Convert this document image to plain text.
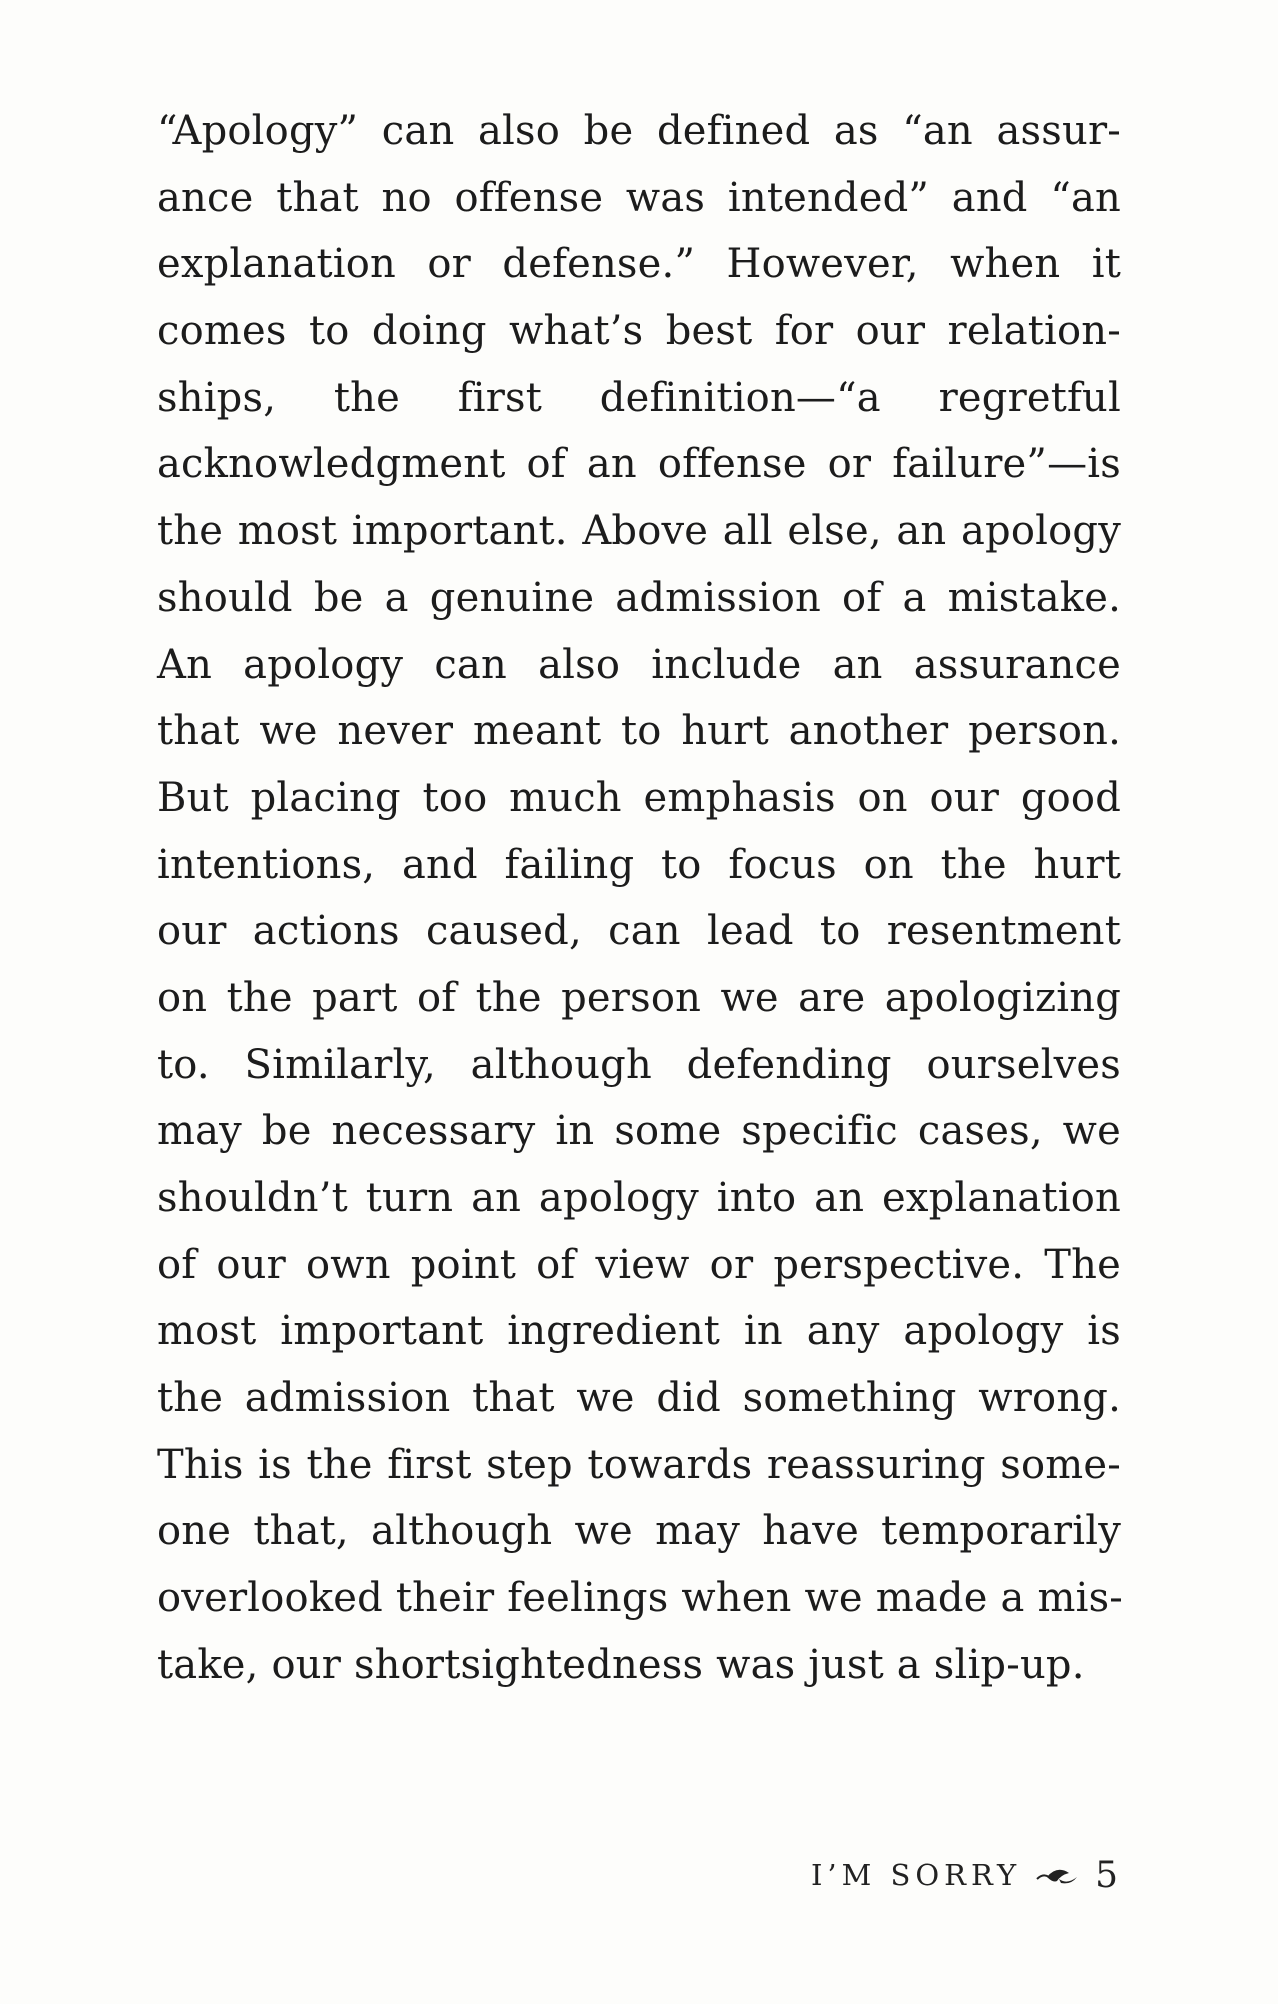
“Apology” can also be defined as “an assur-
ance that no offense was intended” and “an
explanation or defense.” However, when it
comes to doing what’s best for our relation-
ships, the first definition—“a regretful
acknowledgment of an offense or failure”—is
the most important. Above all else, an apology
should be a genuine admission of a mistake.
An apology can also include an assurance
that we never meant to hurt another person.
But placing too much emphasis on our good
intentions, and failing to focus on the hurt
our actions caused, can lead to resentment
on the part of the person we are apologizing
to. Similarly, although defending ourselves
may be necessary in some specific cases, we
shouldn’t turn an apology into an explanation
of our own point of view or perspective. The
most important ingredient in any apology is
the admission that we did something wrong.
This is the first step towards reassuring some-
one that, although we may have temporarily
overlooked their feelings when we made a mis-
take, our shortsightedness was just a slip-up.
I’M SORRY 5
